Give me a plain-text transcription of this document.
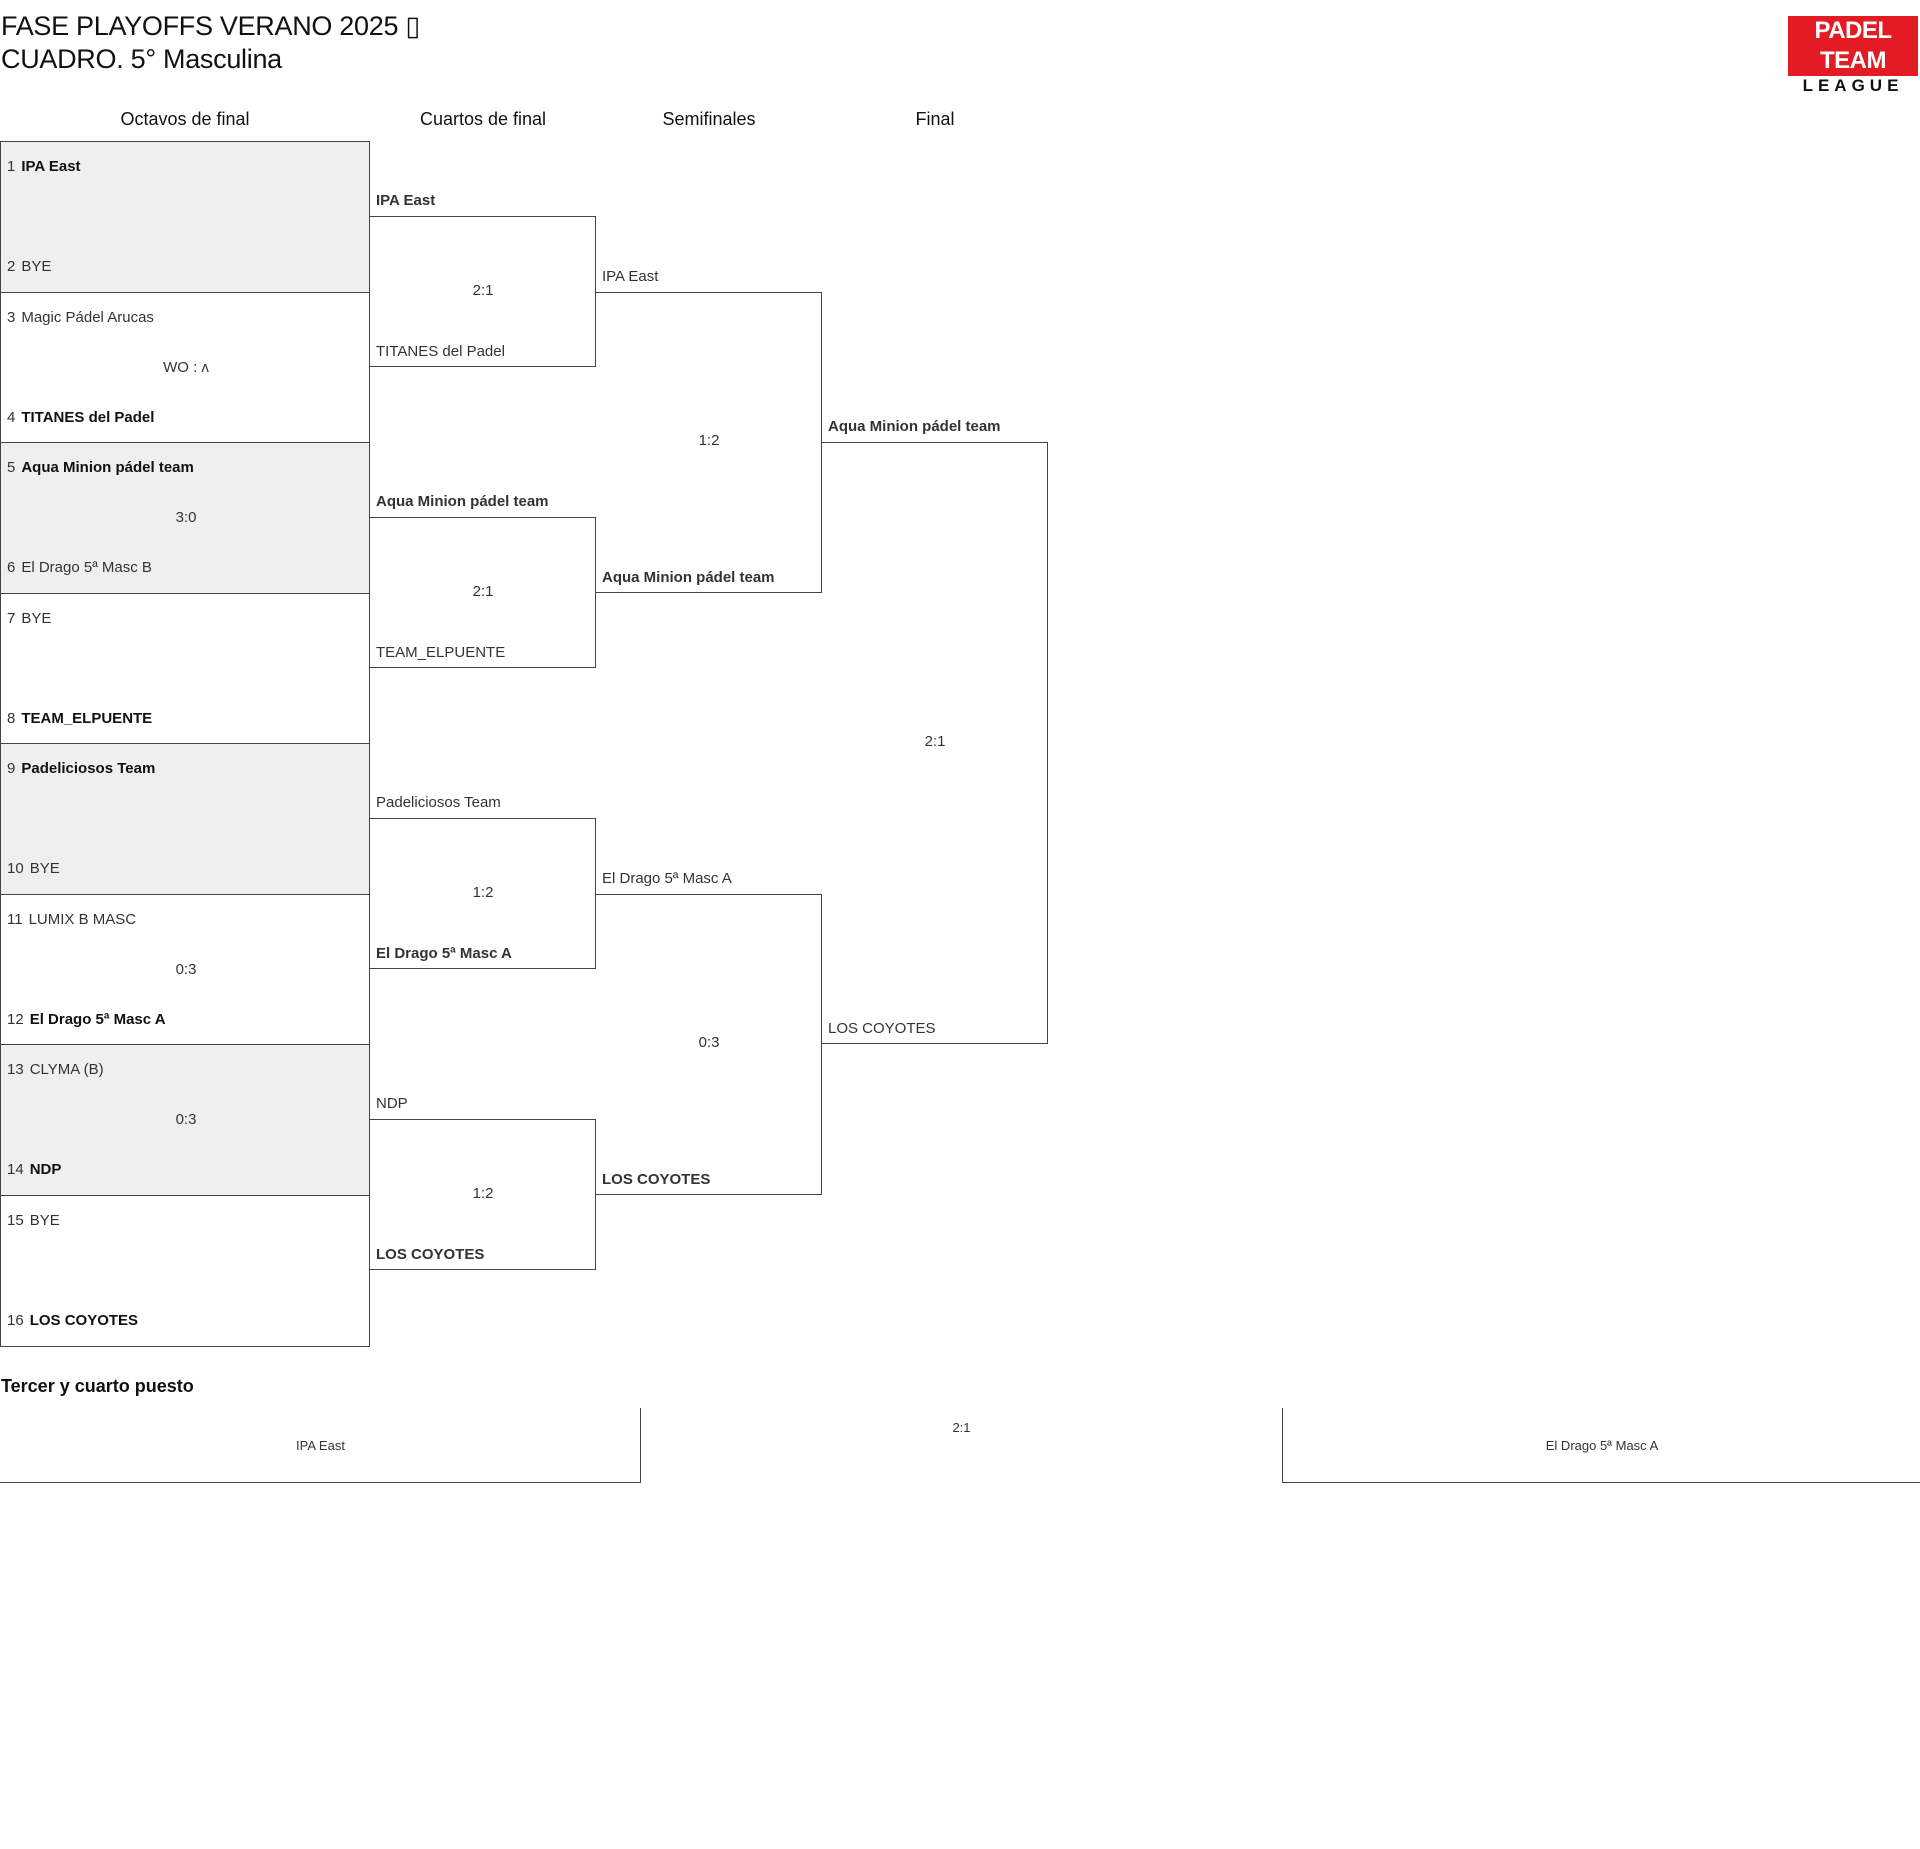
FASE PLAYOFFS VERANO 2025 ▯
CUADRO. 5° Masculina
PADEL TEAM
LEAGUE
Octavos de final	Cuartos de final	Semifinales	Final
1 IPA East
2 BYE
3 Magic Pádel Arucas
4 TITANES del Padel
WO : ᴧ
5 Aqua Minion pádel team
6 El Drago 5ª Masc B
3:0
7 BYE
8 TEAM_ELPUENTE
9 Padeliciosos Team
10 BYE
11 LUMIX B MASC
12 El Drago 5ª Masc A
0:3
13 CLYMA (B)
14 NDP
0:3
15 BYE
16 LOS COYOTES
IPA East
TITANES del Padel
2:1
Aqua Minion pádel team
TEAM_ELPUENTE
2:1
Padeliciosos Team
El Drago 5ª Masc A
1:2
NDP
LOS COYOTES
1:2
IPA East
Aqua Minion pádel team
1:2
El Drago 5ª Masc A
LOS COYOTES
0:3
Aqua Minion pádel team
LOS COYOTES
2:1
Tercer y cuarto puesto
IPA East
2:1
El Drago 5ª Masc A
